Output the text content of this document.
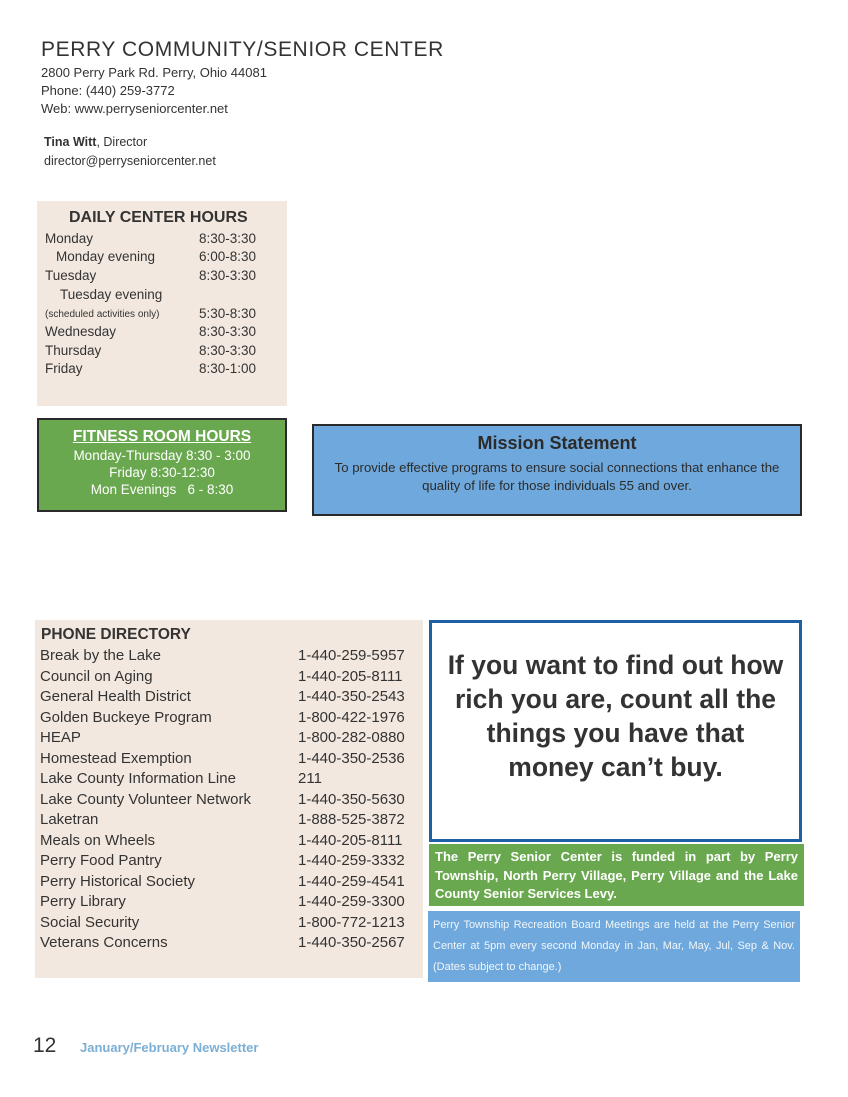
PERRY COMMUNITY/SENIOR CENTER
2800 Perry Park Rd. Perry, Ohio 44081
Phone: (440) 259-3772
Web: www.perryseniorcenter.net
Tina Witt, Director
director@perryseniorcenter.net
DAILY CENTER HOURS
Monday	8:30-3:30
Monday evening	6:00-8:30
Tuesday	8:30-3:30
Tuesday evening
(scheduled activities only)	5:30-8:30
Wednesday	8:30-3:30
Thursday	8:30-3:30
Friday	8:30-1:00
FITNESS ROOM HOURS
Monday-Thursday 8:30 - 3:00
Friday 8:30-12:30
Mon Evenings   6 - 8:30
Mission Statement
To provide effective programs to ensure social connections that enhance the quality of life for those individuals 55 and over.
PHONE DIRECTORY
Break by the Lake	1-440-259-5957
Council on Aging	1-440-205-8111
General Health District	1-440-350-2543
Golden Buckeye Program	1-800-422-1976
HEAP	1-800-282-0880
Homestead Exemption	1-440-350-2536
Lake County Information Line	211
Lake County Volunteer Network	1-440-350-5630
Laketran	1-888-525-3872
Meals on Wheels	1-440-205-8111
Perry Food Pantry	1-440-259-3332
Perry Historical Society	1-440-259-4541
Perry Library	1-440-259-3300
Social Security	1-800-772-1213
Veterans Concerns	1-440-350-2567
If you want to find out how rich you are, count all the things you have that money can’t buy.
The Perry Senior Center is funded in part by Perry Township, North Perry Village, Perry Village and the Lake County Senior Services Levy.
Perry Township Recreation Board Meetings are held at the Perry Senior Center at 5pm every second Monday in Jan, Mar, May, Jul, Sep & Nov. (Dates subject to change.)
12 January/February Newsletter
